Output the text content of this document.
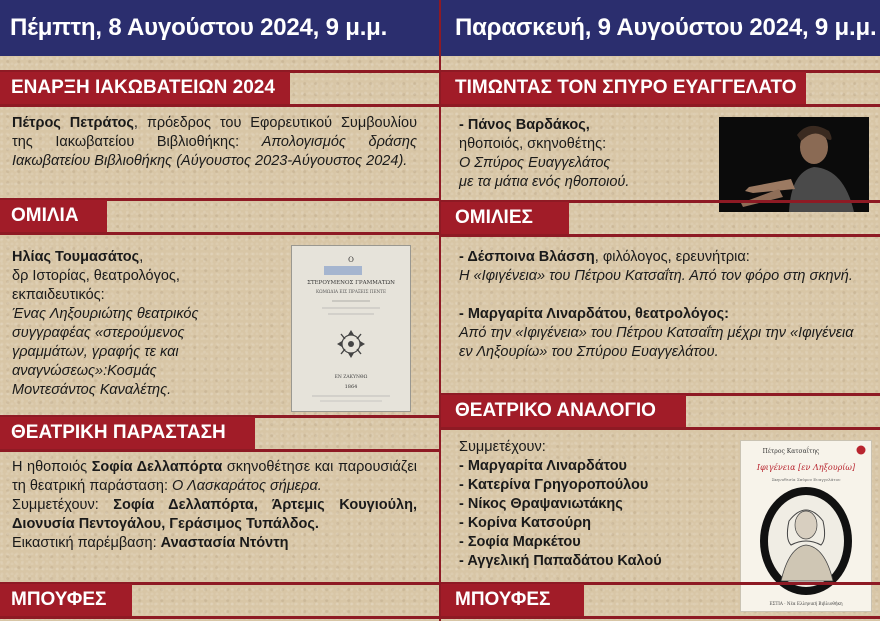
Πέμπτη, 8 Αυγούστου 2024, 9 μ.μ.
ΕΝΑΡΞΗ ΙΑΚΩΒΑΤΕΙΩΝ 2024
Πέτρος Πετράτος, πρόεδρος του Εφορευτικού Συμβουλίου της Ιακωβατείου Βιβλιοθήκης: Απολογισμός δράσης Ιακωβατείου Βιβλιοθήκης (Αύγουστος 2023-Αύγουστος 2024).
ΟΜΙΛΙΑ
Ηλίας Τουμασάτος,
δρ Ιστορίας, θεατρολόγος,
εκπαιδευτικός:
Ένας Ληξουριώτης θεατρικός
συγγραφέας «στερούμενος
γραμμάτων, γραφής τε και
αναγνώσεως»:Κοσμάς
Μοντεσάντος Καναλέτης.
Ο
ΣΤΕΡΟΥΜΕΝΟΣ ΓΡΑΜΜΑΤΩΝ
ΚΩΜΩΔΙΑ ΕΙΣ ΠΡΑΞΕΙΣ ΠΕΝΤΕ
ΕΝ ΖΑΚΥΝΘΩ
1864
ΘΕΑΤΡΙΚΗ ΠΑΡΑΣΤΑΣΗ
Η ηθοποιός Σοφία Δελλαπόρτα σκηνοθέτησε και παρουσιάζει τη θεατρική παράσταση: Ο Λασκαράτος σήμερα.
Συμμετέχουν: Σοφία Δελλαπόρτα, Άρτεμις Κουγιούλη, Διονυσία Πεντογάλου, Γεράσιμος Τυπάλδος.
Εικαστική παρέμβαση: Αναστασία Ντόντη
ΜΠΟΥΦΕΣ
Παρασκευή, 9 Αυγούστου 2024, 9 μ.μ.
ΤΙΜΩΝΤΑΣ ΤΟΝ ΣΠΥΡΟ ΕΥΑΓΓΕΛΑΤΟ
- Πάνος Βαρδάκος,
ηθοποιός, σκηνοθέτης:
Ο Σπύρος Ευαγγελάτος
με τα μάτια ενός ηθοποιού.
ΟΜΙΛΙΕΣ
- Δέσποινα Βλάσση, φιλόλογος, ερευνήτρια:
Η «Ιφιγένεια» του Πέτρου Κατσαΐτη. Από τον φόρο στη σκηνή.
- Μαργαρίτα Λιναρδάτου, θεατρολόγος:
Από την «Ιφιγένεια» του Πέτρου Κατσαΐτη μέχρι την «Ιφιγένεια εν Ληξουρίω» του Σπύρου Ευαγγελάτου.
ΘΕΑΤΡΙΚΟ ΑΝΑΛΟΓΙΟ
Συμμετέχουν:
- Μαργαρίτα Λιναρδάτου
- Κατερίνα Γρηγοροπούλου
- Νίκος Θραψανιωτάκης
- Κορίνα Κατσούρη
- Σοφία Μαρκέτου
- Αγγελική Παπαδάτου Καλού
Πέτρος Κατσαΐτης
Ιφιγένεια [εν Ληξουρίω]
Σκηνοθεσία Σπύρου Ευαγγελάτου
ΕΣΤΙΑ · Νέα Ελληνική Βιβλιοθήκη
ΜΠΟΥΦΕΣ
